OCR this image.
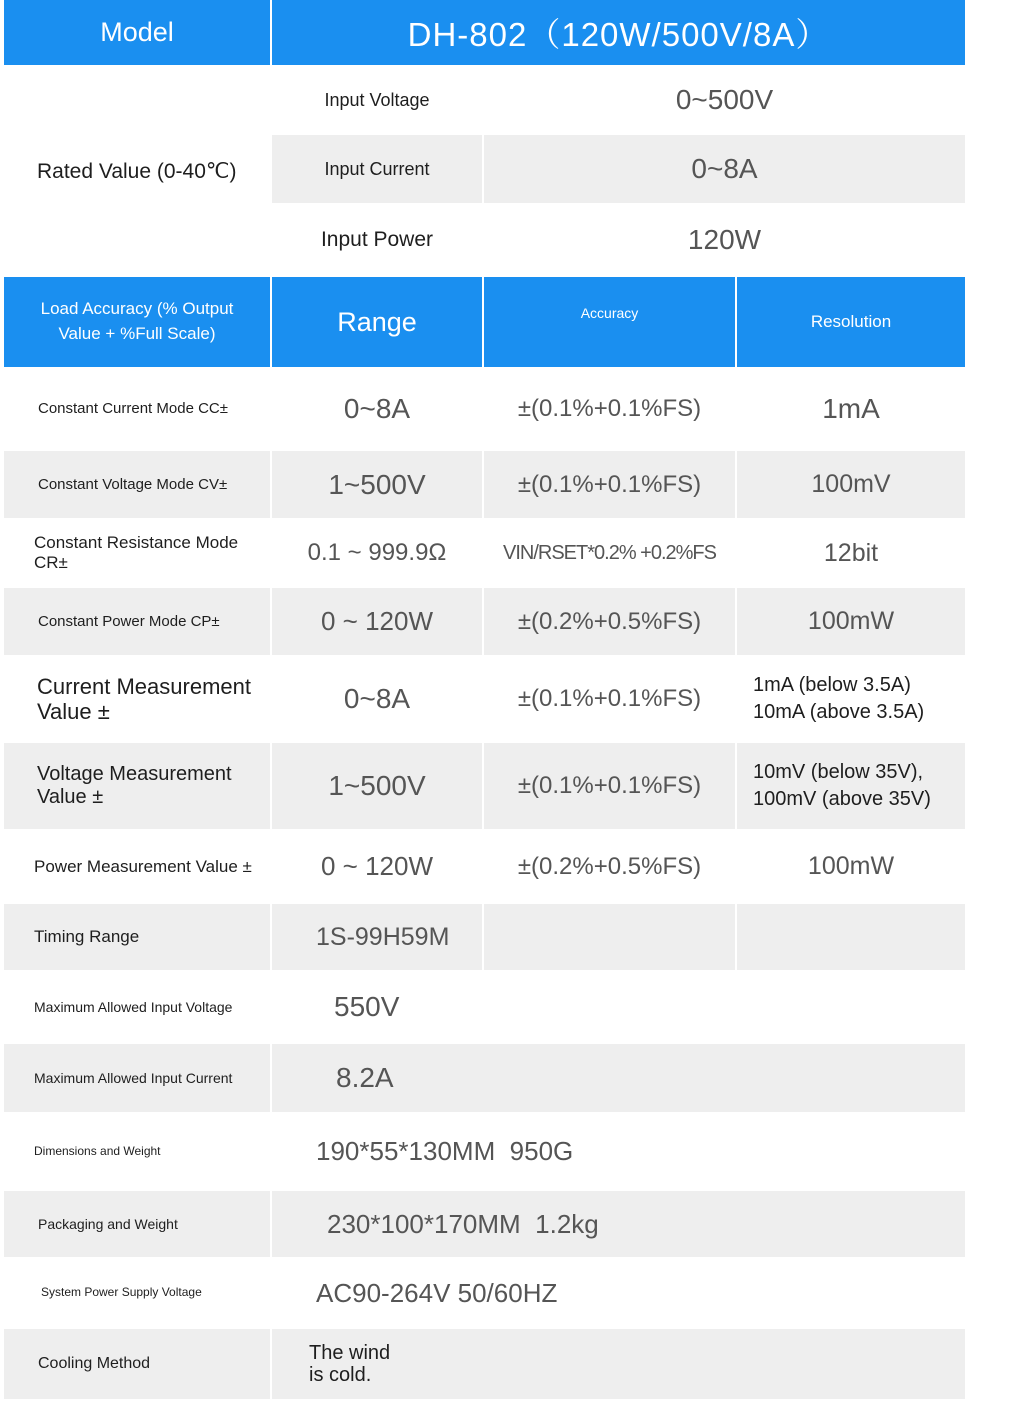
Model	DH-802（120W/500V/8A）
Rated Value (0-40℃)
Input Voltage	0~500V
Input Current	0~8A
Input Power	120W
Load Accuracy (% Output Value + %Full Scale)	Range	Accuracy	Resolution
Constant Current Mode CC±	0~8A	±(0.1%+0.1%FS)	1mA
Constant Voltage Mode CV±	1~500V	±(0.1%+0.1%FS)	100mV
Constant Resistance Mode CR±	0.1 ~ 999.9Ω	VIN/RSET*0.2% +0.2%FS	12bit
Constant Power Mode CP±	0 ~ 120W	±(0.2%+0.5%FS)	100mW
Current Measurement Value ±	0~8A	±(0.1%+0.1%FS)	1mA (below 3.5A) 10mA (above 3.5A)
Voltage Measurement Value ±	1~500V	±(0.1%+0.1%FS)	10mV (below 35V), 100mV (above 35V)
Power Measurement Value ±	0 ~ 120W	±(0.2%+0.5%FS)	100mW
Timing Range	1S-99H59M
Maximum Allowed Input Voltage	550V
Maximum Allowed Input Current	8.2A
Dimensions and Weight	190*55*130MM  950G
Packaging and Weight	230*100*170MM  1.2kg
System Power Supply Voltage	AC90-264V 50/60HZ
Cooling Method	The wind is cold.
